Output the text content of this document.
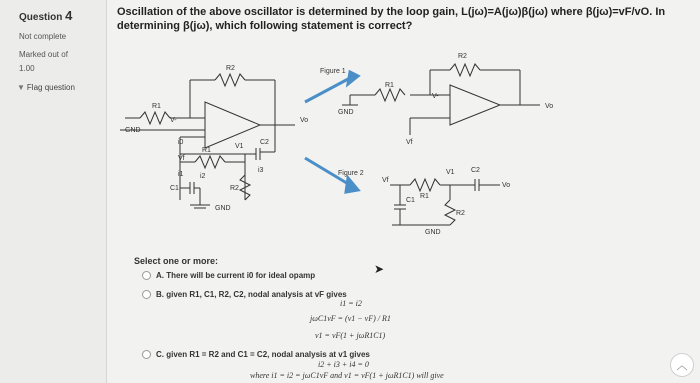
Question 4
Not complete
Marked out of
1.00
▼ Flag question
Oscillation of the above oscillator is determined by the loop gain, L(jω)=A(jω)β(jω) where β(jω)=vF/vO. In determining β(jω), which following statement is correct?
GND
R1
R2
V-	Vo
C2
i0
Vf
V1
R1
i1 i2
i3
C1	R2
GND
Figure 1
Figure 2
R1
R2
GND
V-
Vo
Vf
Vf
V1
R1
C2
Vo
C1
R2
GND
Select one or more:
➤
A. There will be current i0 for ideal opamp
B. given R1, C1, R2, C2, nodal analysis at vF gives
i1 = i2
jωC1vF = (v1 − vF) / R1
v1 = vF(1 + jωR1C1)
C. given R1 = R2 and C1 = C2, nodal analysis at v1 gives
i2 + i3 + i4 = 0
where i1 = i2 = jωC1vF and v1 = vF(1 + jωR1C1) will give
︿
